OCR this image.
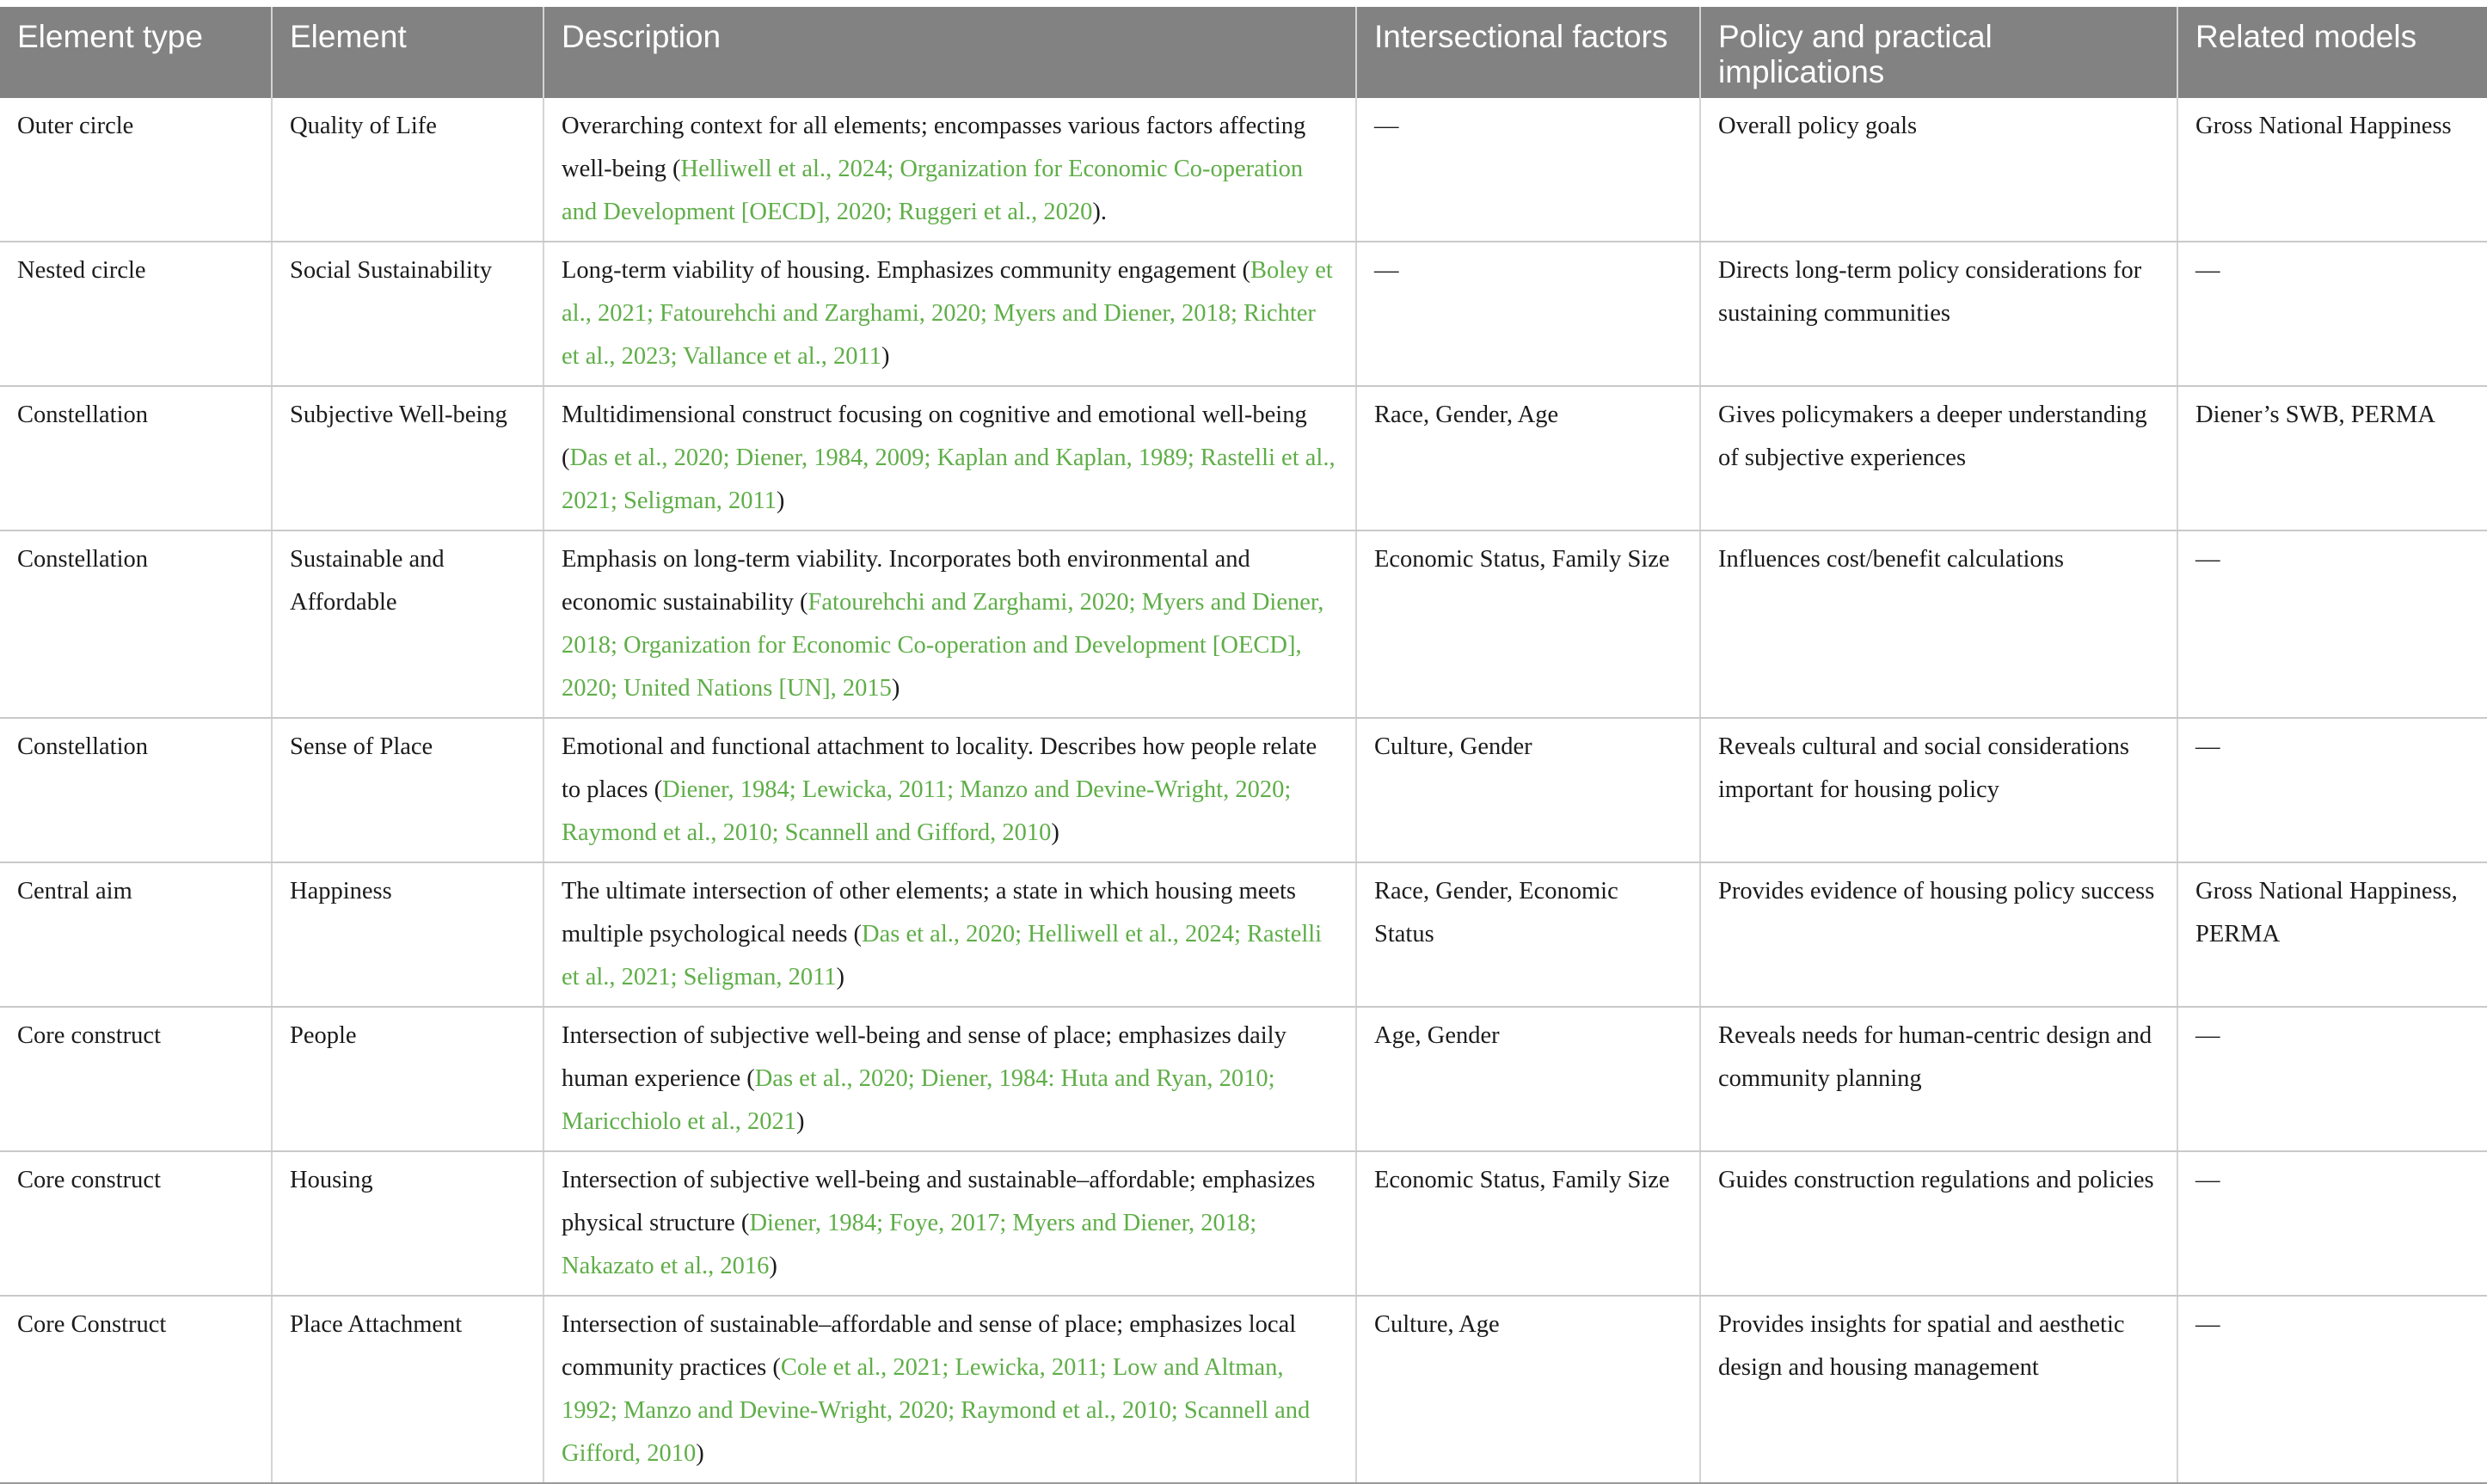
Element type	Element	Description	Intersectional factors	Policy and practical implications	Related models
Outer circle	Quality of Life	Overarching context for all elements; encompasses various factors affecting well-being (Helliwell et al., 2024; Organization for Economic Co-operation and Development [OECD], 2020; Ruggeri et al., 2020).	—	Overall policy goals	Gross National Happiness
Nested circle	Social Sustainability	Long-term viability of housing. Emphasizes community engagement (Boley et al., 2021; Fatourehchi and Zarghami, 2020; Myers and Diener, 2018; Richter et al., 2023; Vallance et al., 2011)	—	Directs long-term policy considerations for sustaining communities	—
Constellation	Subjective Well-being	Multidimensional construct focusing on cognitive and emotional well-being (Das et al., 2020; Diener, 1984, 2009; Kaplan and Kaplan, 1989; Rastelli et al., 2021; Seligman, 2011)	Race, Gender, Age	Gives policymakers a deeper understanding of subjective experiences	Diener’s SWB, PERMA
Constellation	Sustainable and Affordable	Emphasis on long-term viability. Incorporates both environmental and economic sustainability (Fatourehchi and Zarghami, 2020; Myers and Diener, 2018; Organization for Economic Co-operation and Development [OECD], 2020; United Nations [UN], 2015)	Economic Status, Family Size	Influences cost/benefit calculations	—
Constellation	Sense of Place	Emotional and functional attachment to locality. Describes how people relate to places (Diener, 1984; Lewicka, 2011; Manzo and Devine-Wright, 2020; Raymond et al., 2010; Scannell and Gifford, 2010)	Culture, Gender	Reveals cultural and social considerations important for housing policy	—
Central aim	Happiness	The ultimate intersection of other elements; a state in which housing meets multiple psychological needs (Das et al., 2020; Helliwell et al., 2024; Rastelli et al., 2021; Seligman, 2011)	Race, Gender, Economic Status	Provides evidence of housing policy success	Gross National Happiness, PERMA
Core construct	People	Intersection of subjective well-being and sense of place; emphasizes daily human experience (Das et al., 2020; Diener, 1984: Huta and Ryan, 2010; Maricchiolo et al., 2021)	Age, Gender	Reveals needs for human-centric design and community planning	—
Core construct	Housing	Intersection of subjective well-being and sustainable–affordable; emphasizes physical structure (Diener, 1984; Foye, 2017; Myers and Diener, 2018; Nakazato et al., 2016)	Economic Status, Family Size	Guides construction regulations and policies	—
Core Construct	Place Attachment	Intersection of sustainable–affordable and sense of place; emphasizes local community practices (Cole et al., 2021; Lewicka, 2011; Low and Altman, 1992; Manzo and Devine-Wright, 2020; Raymond et al., 2010; Scannell and Gifford, 2010)	Culture, Age	Provides insights for spatial and aesthetic design and housing management	—
